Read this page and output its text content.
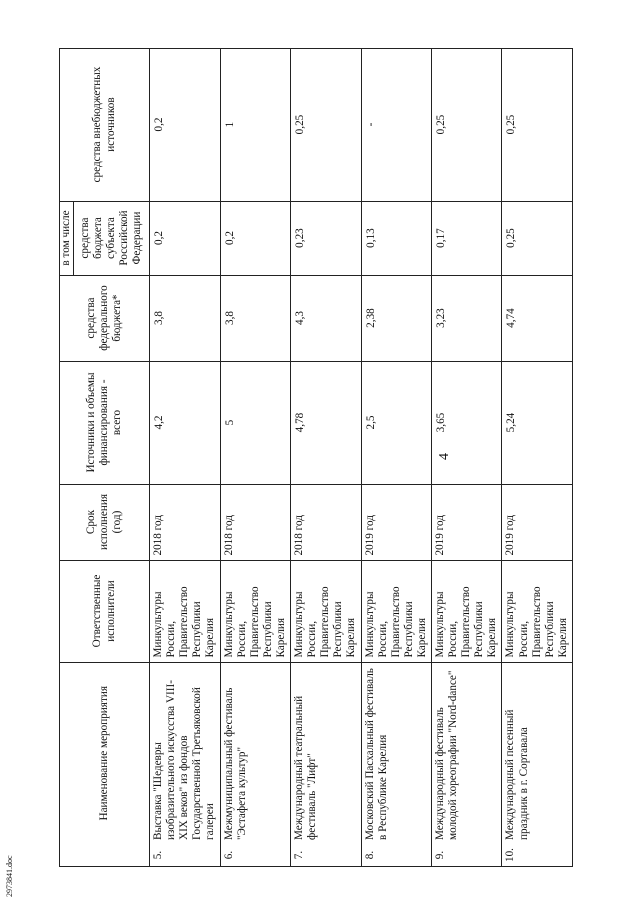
2973841.doc
4
	Наименование мероприятия	Ответственные исполнители	Срок исполнения (год)	Источники и объемы финансирования - всего	средства федерального бюджета*	в том числе	средства внебюджетных источников
						средства бюджета субъекта Российской Федерации	
5.	Выставка "Шедевры изобразительного искусства VIII-XIX веков" из фондов Государственной Третьяковской галереи	Минкультуры России, Правительство Республики Карелия	2018 год	4,2	3,8	0,2	0,2
6.	Межмуниципальный фестиваль "Эстафета культур"	Минкультуры России, Правительство Республики Карелия	2018 год	5	3,8	0,2	1
7.	Международный театральный фестиваль "Лифт"	Минкультуры России, Правительство Республики Карелия	2018 год	4,78	4,3	0,23	0,25
8.	Московский Пасхальный фестиваль в Республике Карелия	Минкультуры России, Правительство Республики Карелия	2019 год	2,5	2,38	0,13	-
9.	Международный фестиваль молодой хореографии "Nord-dance"	Минкультуры России, Правительство Республики Карелия	2019 год	3,65	3,23	0,17	0,25
10.	Международный песенный праздник в г. Сортавала	Минкультуры России, Правительство Республики Карелия	2019 год	5,24	4,74	0,25	0,25
